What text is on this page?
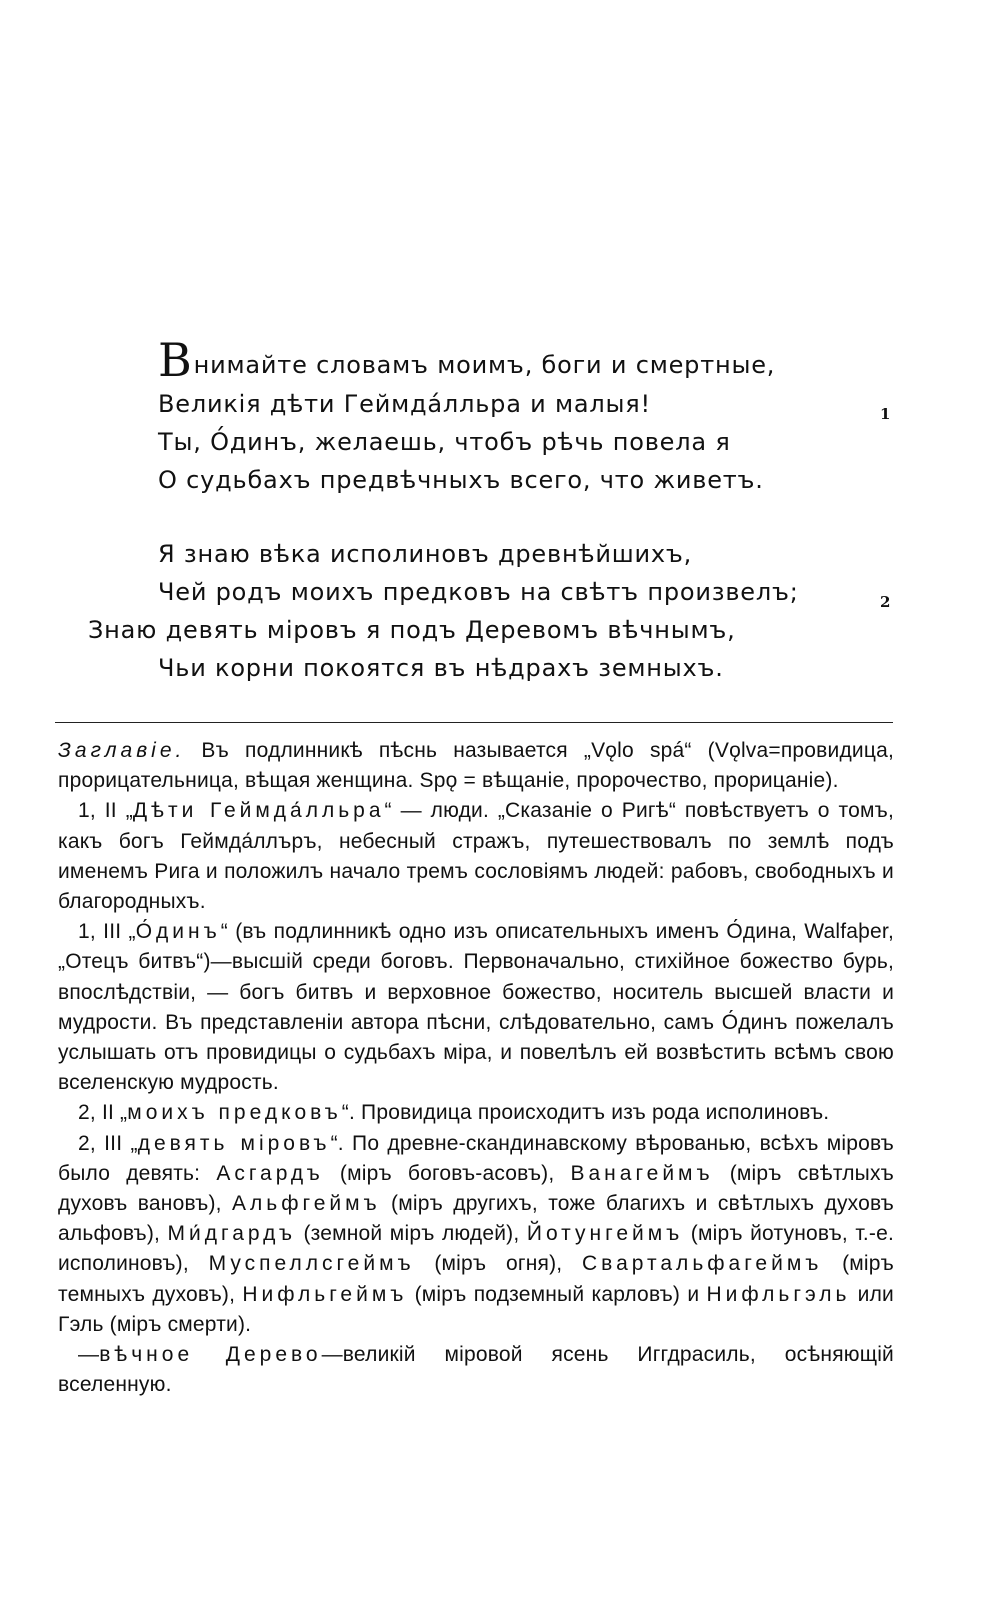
Внимайте словамъ моимъ, боги и смертные,
Великія дѣти Геймда́лльра и малыя!
Ты, О́динъ, желаешь, чтобъ рѣчь повела я
О судьбахъ предвѣчныхъ всего, что живетъ.
1
Я знаю вѣка исполиновъ древнѣйшихъ,
Чей родъ моихъ предковъ на свѣтъ произвелъ;
Знаю девять міровъ я подъ Деревомъ вѣчнымъ,
Чьи корни покоятся въ нѣдрахъ земныхъ.
2

Заглавіе. Въ подлинникѣ пѣснь называется „Vǫlo spá“ (Vǫlva=провидица, прорицательница, вѣщая женщина. Spǫ = вѣщаніе, пророчество, прорицаніе).

1, II „Дѣти Геймда́лльра“ — люди. „Сказаніе о Ригѣ“ повѣствуетъ о томъ, какъ богъ Геймда́ллъръ, небесный стражъ, путешествовалъ по землѣ подъ именемъ Рига и положилъ начало тремъ сословіямъ людей: рабовъ, свободныхъ и благородныхъ.

1, III „О́динъ“ (въ подлинникѣ одно изъ описательныхъ именъ О́дина, Walfaþer, „Отецъ битвъ“)—высшій среди боговъ. Первоначально, стихійное божество бурь, впослѣдствіи, — богъ битвъ и верховное божество, носитель высшей власти и мудрости. Въ представленіи автора пѣсни, слѣдовательно, самъ О́динъ пожелалъ услышать отъ провидицы о судьбахъ міра, и повелѣлъ ей возвѣстить всѣмъ свою вселенскую мудрость.

2, II „моихъ предковъ“. Провидица происходитъ изъ рода исполиновъ.

2, III „девять міровъ“. По древне-скандинавскому вѣрованью, всѣхъ міровъ было девять: Асгардъ (міръ боговъ-асовъ), Ванагеймъ (міръ свѣтлыхъ духовъ вановъ), Альфгеймъ (міръ другихъ, тоже благихъ и свѣтлыхъ духовъ альфовъ), Ми́дгардъ (земной міръ людей), Йотунгеймъ (міръ йотуновъ, т.-е. исполиновъ), Муспеллсгеймъ (міръ огня), Свартальфагеймъ (міръ темныхъ духовъ), Нифльгеймъ (міръ подземный карловъ) и Нифльгэль или Гэль (міръ смерти).

—вѣчное Дерево—великій міровой ясень Иггдрасиль, осѣняющій вселенную.
